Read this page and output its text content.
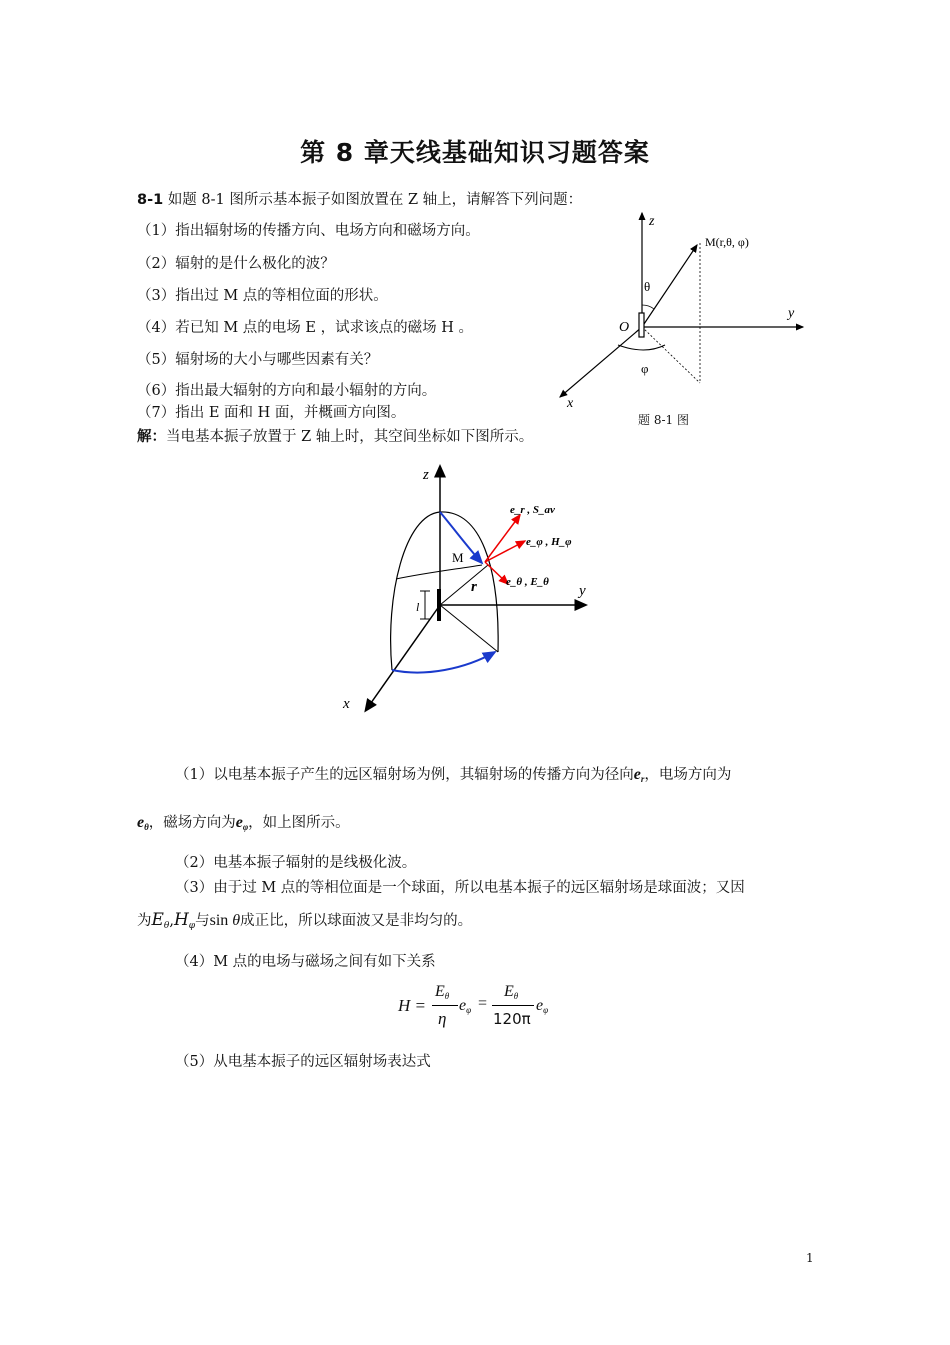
第 8 章天线基础知识习题答案
8-1 如题 8-1 图所示基本振子如图放置在 Z 轴上，请解答下列问题：
（1）指出辐射场的传播方向、电场方向和磁场方向。
（2）辐射的是什么极化的波？
（3）指出过 M 点的等相位面的形状。
（4）若已知 M 点的电场 E ，试求该点的磁场 H 。
（5）辐射场的大小与哪些因素有关？
（6）指出最大辐射的方向和最小辐射的方向。
（7）指出 E 面和 H 面，并概画方向图。
z
y
x
O
M(r,θ, φ)
θ
φ
题 8-1 图
解：当电基本振子放置于 Z 轴上时，其空间坐标如下图所示。
z
y
x
M
r
l
e_r , S_av
e_φ , H_φ
e_θ , E_θ
（1）以电基本振子产生的远区辐射场为例，其辐射场的传播方向为径向$e_r$，电场方向为
$e_\theta$，磁场方向为$e_\varphi$，如上图所示。
（2）电基本振子辐射的是线极化波。
（3）由于过 M 点的等相位面是一个球面，所以电基本振子的远区辐射场是球面波；又因
为$E_\theta,H_\varphi$与sin θ成正比，所以球面波又是非均匀的。
（4）M 点的电场与磁场之间有如下关系
H =
$E_\theta$
η
$e_\varphi$ =
$E_\theta$
120π
$e_\varphi$
（5）从电基本振子的远区辐射场表达式
1
